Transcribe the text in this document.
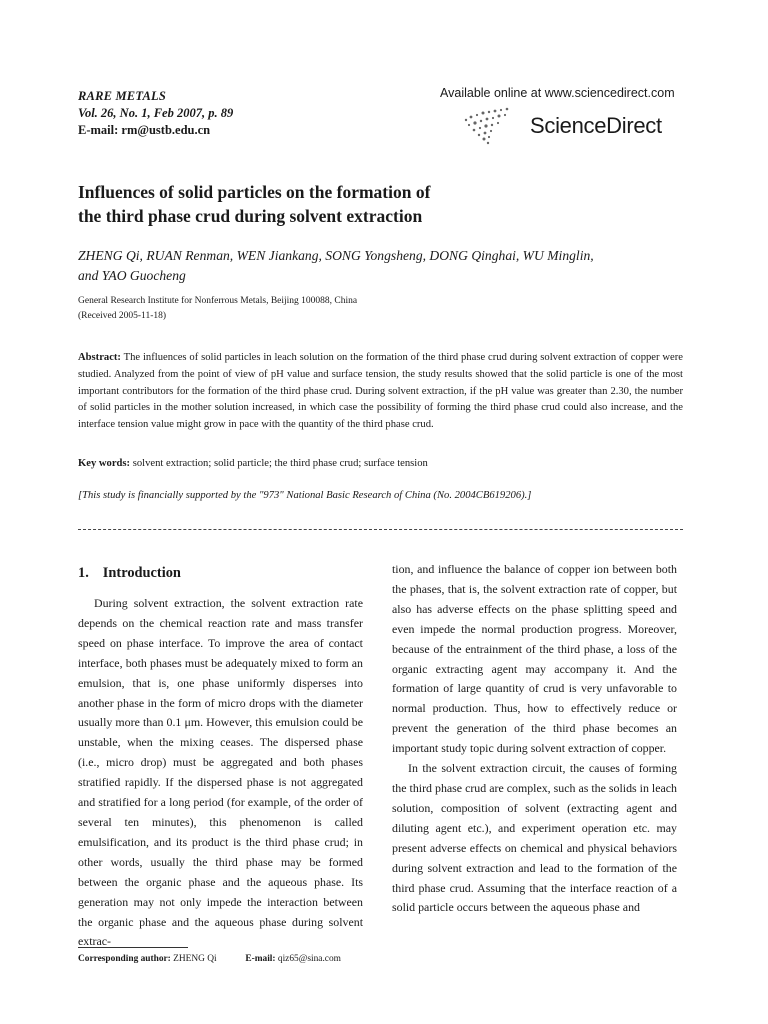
RARE METALS
Vol. 26, No. 1, Feb 2007, p. 89
E-mail: rm@ustb.edu.cn
Available online at www.sciencedirect.com
ScienceDirect
Influences of solid particles on the formation of
the third phase crud during solvent extraction
ZHENG Qi, RUAN Renman, WEN Jiankang, SONG Yongsheng, DONG Qinghai, WU Minglin,
and YAO Guocheng
General Research Institute for Nonferrous Metals, Beijing 100088, China
(Received 2005-11-18)
Abstract: The influences of solid particles in leach solution on the formation of the third phase crud during solvent extraction of copper were studied. Analyzed from the point of view of pH value and surface tension, the study results showed that the solid particle is one of the most important contributors for the formation of the third phase crud. During solvent extraction, if the pH value was greater than 2.30, the number of solid particles in the mother solution increased, in which case the possibility of forming the third phase crud could also increase, and the interface tension value might grow in pace with the quantity of the third phase crud.
Key words: solvent extraction; solid particle; the third phase crud; surface tension
[This study is financially supported by the "973" National Basic Research of China (No. 2004CB619206).]
1. Introduction

During solvent extraction, the solvent extraction rate depends on the chemical reaction rate and mass transfer speed on phase interface. To improve the area of contact interface, both phases must be adequately mixed to form an emulsion, that is, one phase uniformly disperses into another phase in the form of micro drops with the diameter usually more than 0.1 μm. However, this emulsion could be unstable, when the mixing ceases. The dispersed phase (i.e., micro drop) must be aggregated and both phases stratified rapidly. If the dispersed phase is not aggregated and stratified for a long period (for example, of the order of several ten minutes), this phenomenon is called emulsification, and its product is the third phase crud; in other words, usually the third phase may be formed between the organic phase and the aqueous phase. Its generation may not only impede the interaction between the organic phase and the aqueous phase during solvent extrac-

tion, and influence the balance of copper ion between both the phases, that is, the solvent extraction rate of copper, but also has adverse effects on the phase splitting speed and even impede the normal production progress. Moreover, because of the entrainment of the third phase, a loss of the organic extracting agent may accompany it. And the formation of large quantity of crud is very unfavorable to normal production. Thus, how to effectively reduce or prevent the generation of the third phase becomes an important study topic during solvent extraction of copper.

In the solvent extraction circuit, the causes of forming the third phase crud are complex, such as the solids in leach solution, composition of solvent (extracting agent and diluting agent etc.), and experiment operation etc. may present adverse effects on chemical and physical behaviors during solvent extraction and lead to the formation of the third phase crud. Assuming that the interface reaction of a solid particle occurs between the aqueous phase and

Corresponding author: ZHENG Qi	E-mail: qiz65@sina.com
